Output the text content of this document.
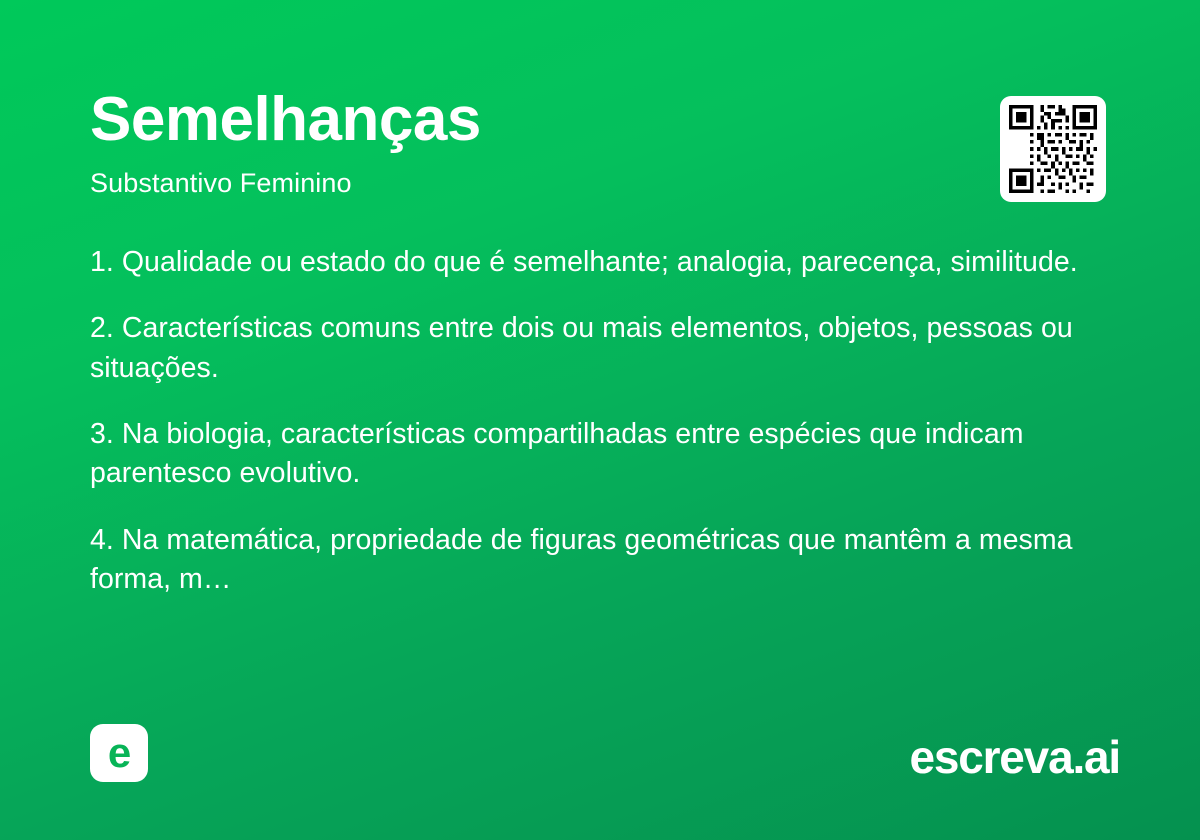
Semelhanças
Substantivo Feminino

1. Qualidade ou estado do que é semelhante; analogia, parecença, similitude.

2. Características comuns entre dois ou mais elementos, objetos, pessoas ou situações.

3. Na biologia, características compartilhadas entre espécies que indicam parentesco evolutivo.

4. Na matemática, propriedade de figuras geométricas que mantêm a mesma forma, m…

e	escreva.ai
